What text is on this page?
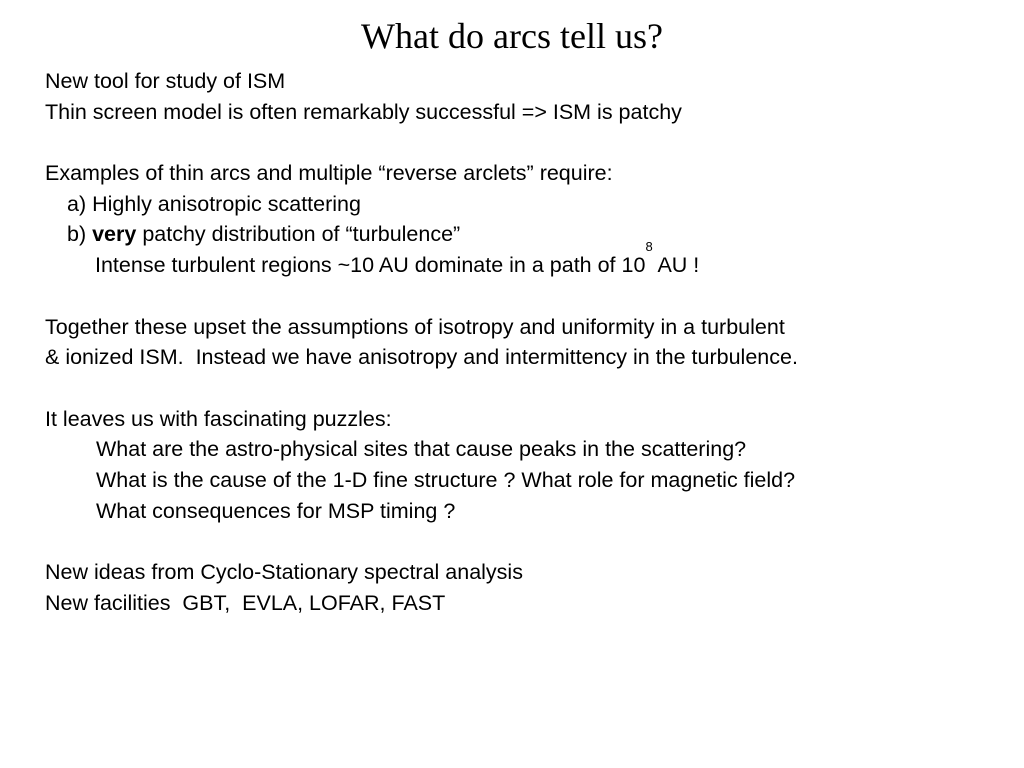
What do arcs tell us?
New tool for study of ISM
Thin screen model is often remarkably successful => ISM is patchy
Examples of thin arcs and multiple “reverse arclets” require:
a) Highly anisotropic scattering
b) very patchy distribution of “turbulence”
Intense turbulent regions ~10 AU dominate in a path of $10^8$ AU !
Together these upset the assumptions of isotropy and uniformity in a turbulent
& ionized ISM.  Instead we have anisotropy and intermittency in the turbulence.
It leaves us with fascinating puzzles:
What are the astro-physical sites that cause peaks in the scattering?
What is the cause of the 1-D fine structure ? What role for magnetic field?
What consequences for MSP timing ?
New ideas from Cyclo-Stationary spectral analysis
New facilities  GBT,  EVLA, LOFAR, FAST
